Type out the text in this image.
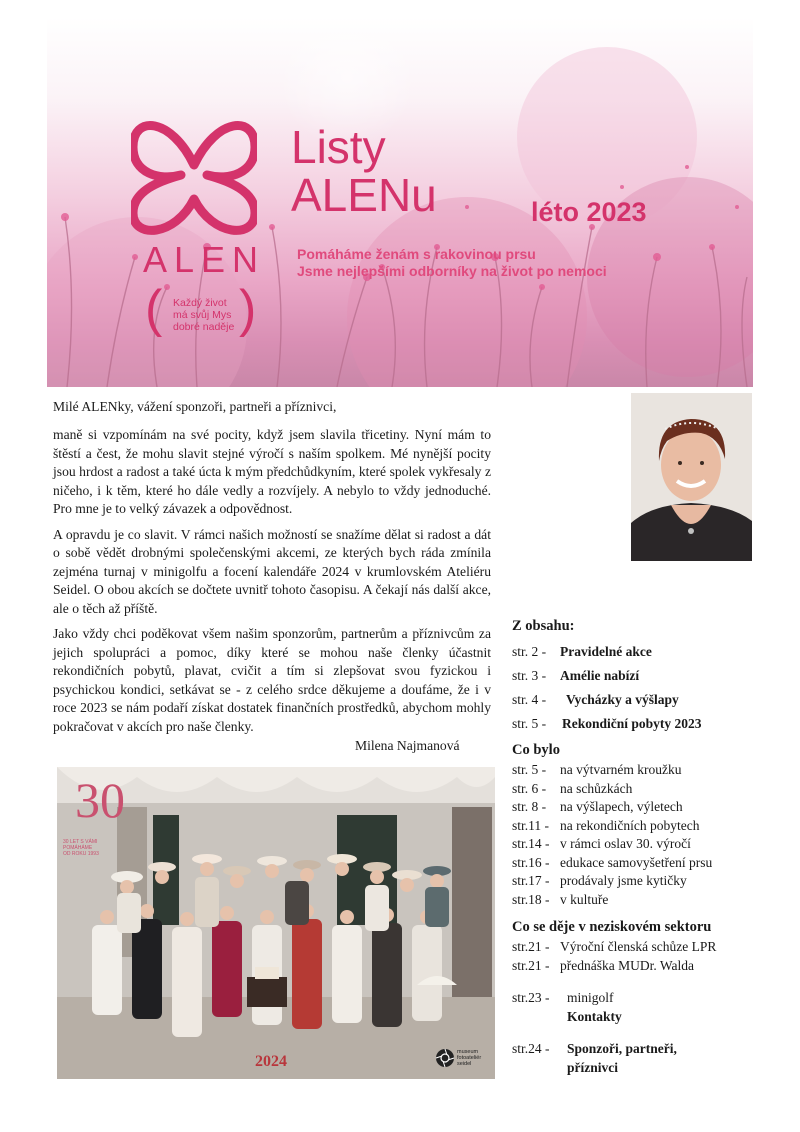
ALEN
( )
Každý život
má svůj Mys
dobré naděje
Listy
ALENu	léto 2023
Pomáháme ženám s rakovinou prsu
Jsme nejlepšími odborníky na život po nemoci

Milé ALENky, vážení sponzoři, partneři a příznivci,

maně si vzpomínám na své pocity, když jsem slavila třicetiny. Nyní mám to štěstí a čest, že mohu slavit stejné výročí s naším spolkem. Mé nynější pocity jsou hrdost a radost a také úcta k mým předchůdkyním, které spolek vykřesaly z ničeho, i k těm, které ho dále vedly a rozvíjely. A nebylo to vždy jednoduché. Pro mne je to velký závazek a odpovědnost.

A opravdu je co slavit. V rámci našich možností se snažíme dělat si radost a dát o sobě vědět drobnými společenskými akcemi, ze kterých bych ráda zmínila zejména turnaj v minigolfu a focení kalendáře 2024 v krumlovském Ateliéru Seidel. O obou akcích se dočtete uvnitř tohoto časopisu. A čekají nás další akce, ale o těch až příště.

Jako vždy chci poděkovat všem našim sponzorům, partnerům a příznivcům za jejich spolupráci a pomoc, díky které se mohou naše členky účastnit rekondičních pobytů, plavat, cvičit a tím si zlepšovat svou fyzickou i psychickou kondici, setkávat se - z celého srdce děkujeme a doufáme, že i v roce 2023 se nám podaří získat dostatek finančních prostředků, abychom mohly pokračovat v akcích pro naše členky.

Milena Najmanová
Z obsahu:
str. 2 -	Pravidelné akce
str. 3 -	Amélie nabízí
str. 4 -	Vycházky a výšlapy
str. 5 -	Rekondiční pobyty 2023
Co bylo
str. 5 -	na výtvarném kroužku
str. 6 -	na schůzkách
str. 8 -	na výšlapech, výletech
str.11 - na rekondičních pobytech
str.14 - v rámci oslav 30. výročí
str.16 - edukace samovyšetření prsu
str.17 - prodávaly jsme kytičky
str.18 - v kultuře
Co se děje v neziskovém sektoru
str.21 - Výroční členská schůze LPR
str.21 - přednáška MUDr. Walda
str.23 -	minigolf
Kontakty
str.24 -	Sponzoři, partneři,
příznivci
30
30 LET S VÁMI
POMÁHÁME
OD ROKU 1993
2024
museum
fotoateliér
seidel
